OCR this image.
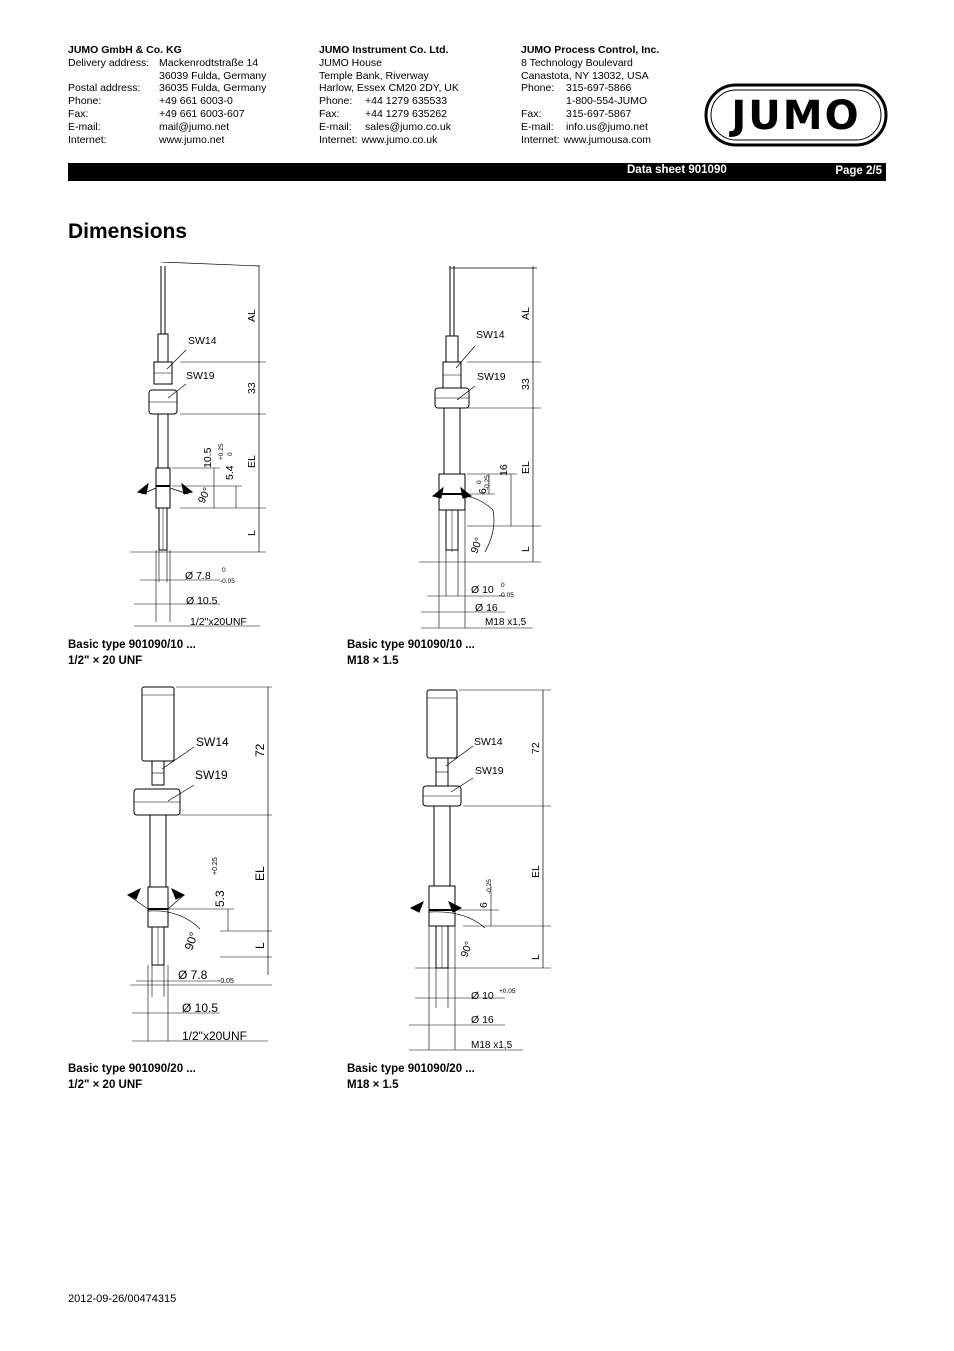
JUMO GmbH & Co. KG
Delivery address: Mackenrodtstraße 14
36039 Fulda, Germany
Postal address:	36035 Fulda, Germany
Phone:	+49 661 6003-0
Fax:	+49 661 6003-607
E-mail:	mail@jumo.net
Internet:	www.jumo.net
JUMO Instrument Co. Ltd.
JUMO House
Temple Bank, Riverway
Harlow, Essex CM20 2DY, UK
Phone:	+44 1279 635533
Fax:	+44 1279 635262
E-mail:	sales@jumo.co.uk
Internet: www.jumo.co.uk
JUMO Process Control, Inc.
8 Technology Boulevard
Canastota, NY 13032, USA
Phone:	315-697-5866
1-800-554-JUMO
Fax:	315-697-5867
E-mail:	info.us@jumo.net
Internet: www.jumousa.com
JUMO
Data sheet 901090	Page 2/5
Dimensions
SW14
SW19
AL
33
EL
L
10.5
5.4
+0.25 0
90°
Ø 7.8 0
-0.05
Ø 10.5
1/2"x20UNF
Basic type 901090/10 ...
1/2" × 20 UNF
SW14
SW19
AL
33
EL
L
6
16
0 -0.25
90°
Ø 10 0
-0.05
Ø 16
M18 x1,5
Basic type 901090/10 ...
M18 × 1.5
SW14
SW19
72
EL
L
5.3
+0.25
90°
Ø 7.8 -0.05
Ø 10.5
1/2"x20UNF
Basic type 901090/20 ...
1/2" × 20 UNF
SW14
SW19
72
EL
L
6
-0.25
90°
Ø 10 +0.05
Ø 16
M18 x1,5
Basic type 901090/20 ...
M18 × 1.5
2012-09-26/00474315
